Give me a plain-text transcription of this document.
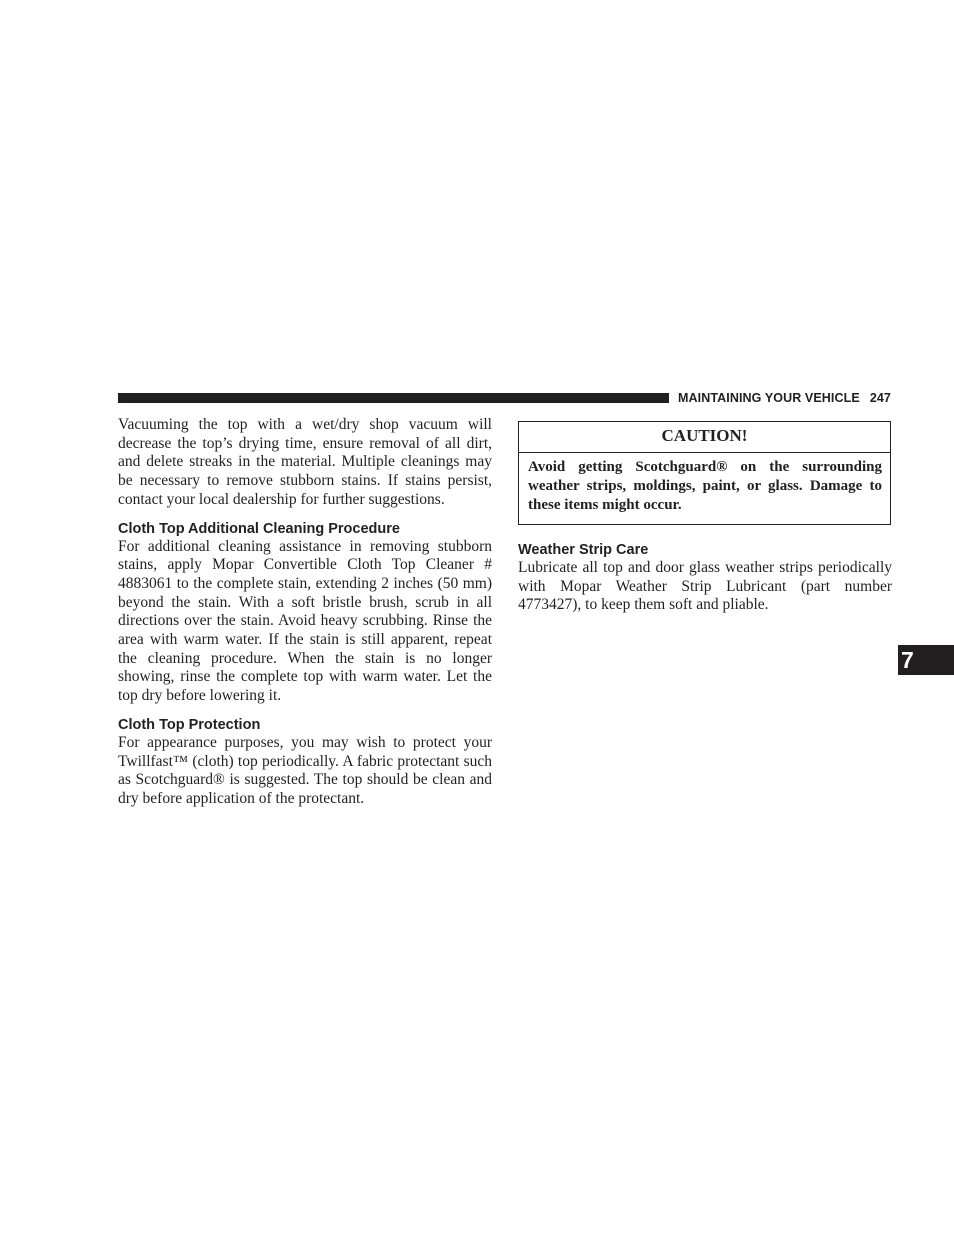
MAINTAINING YOUR VEHICLE 247

Vacuuming the top with a wet/dry shop vacuum will decrease the top’s drying time, ensure removal of all dirt, and delete streaks in the material. Multiple cleanings may be necessary to remove stubborn stains. If stains persist, contact your local dealership for further suggestions.

Cloth Top Additional Cleaning Procedure

For additional cleaning assistance in removing stubborn stains, apply Mopar Convertible Cloth Top Cleaner # 4883061 to the complete stain, extending 2 inches (50 mm) beyond the stain. With a soft bristle brush, scrub in all directions over the stain. Avoid heavy scrubbing. Rinse the area with warm water. If the stain is still apparent, repeat the cleaning procedure. When the stain is no longer showing, rinse the complete top with warm water. Let the top dry before lowering it.

Cloth Top Protection

For appearance purposes, you may wish to protect your Twillfast™ (cloth) top periodically. A fabric protectant such as Scotchguard® is suggested. The top should be clean and dry before application of the protectant.

CAUTION!
Avoid getting Scotchguard® on the surrounding weather strips, moldings, paint, or glass. Damage to these items might occur.
Weather Strip Care

Lubricate all top and door glass weather strips periodically with Mopar Weather Strip Lubricant (part number 4773427), to keep them soft and pliable.

7
